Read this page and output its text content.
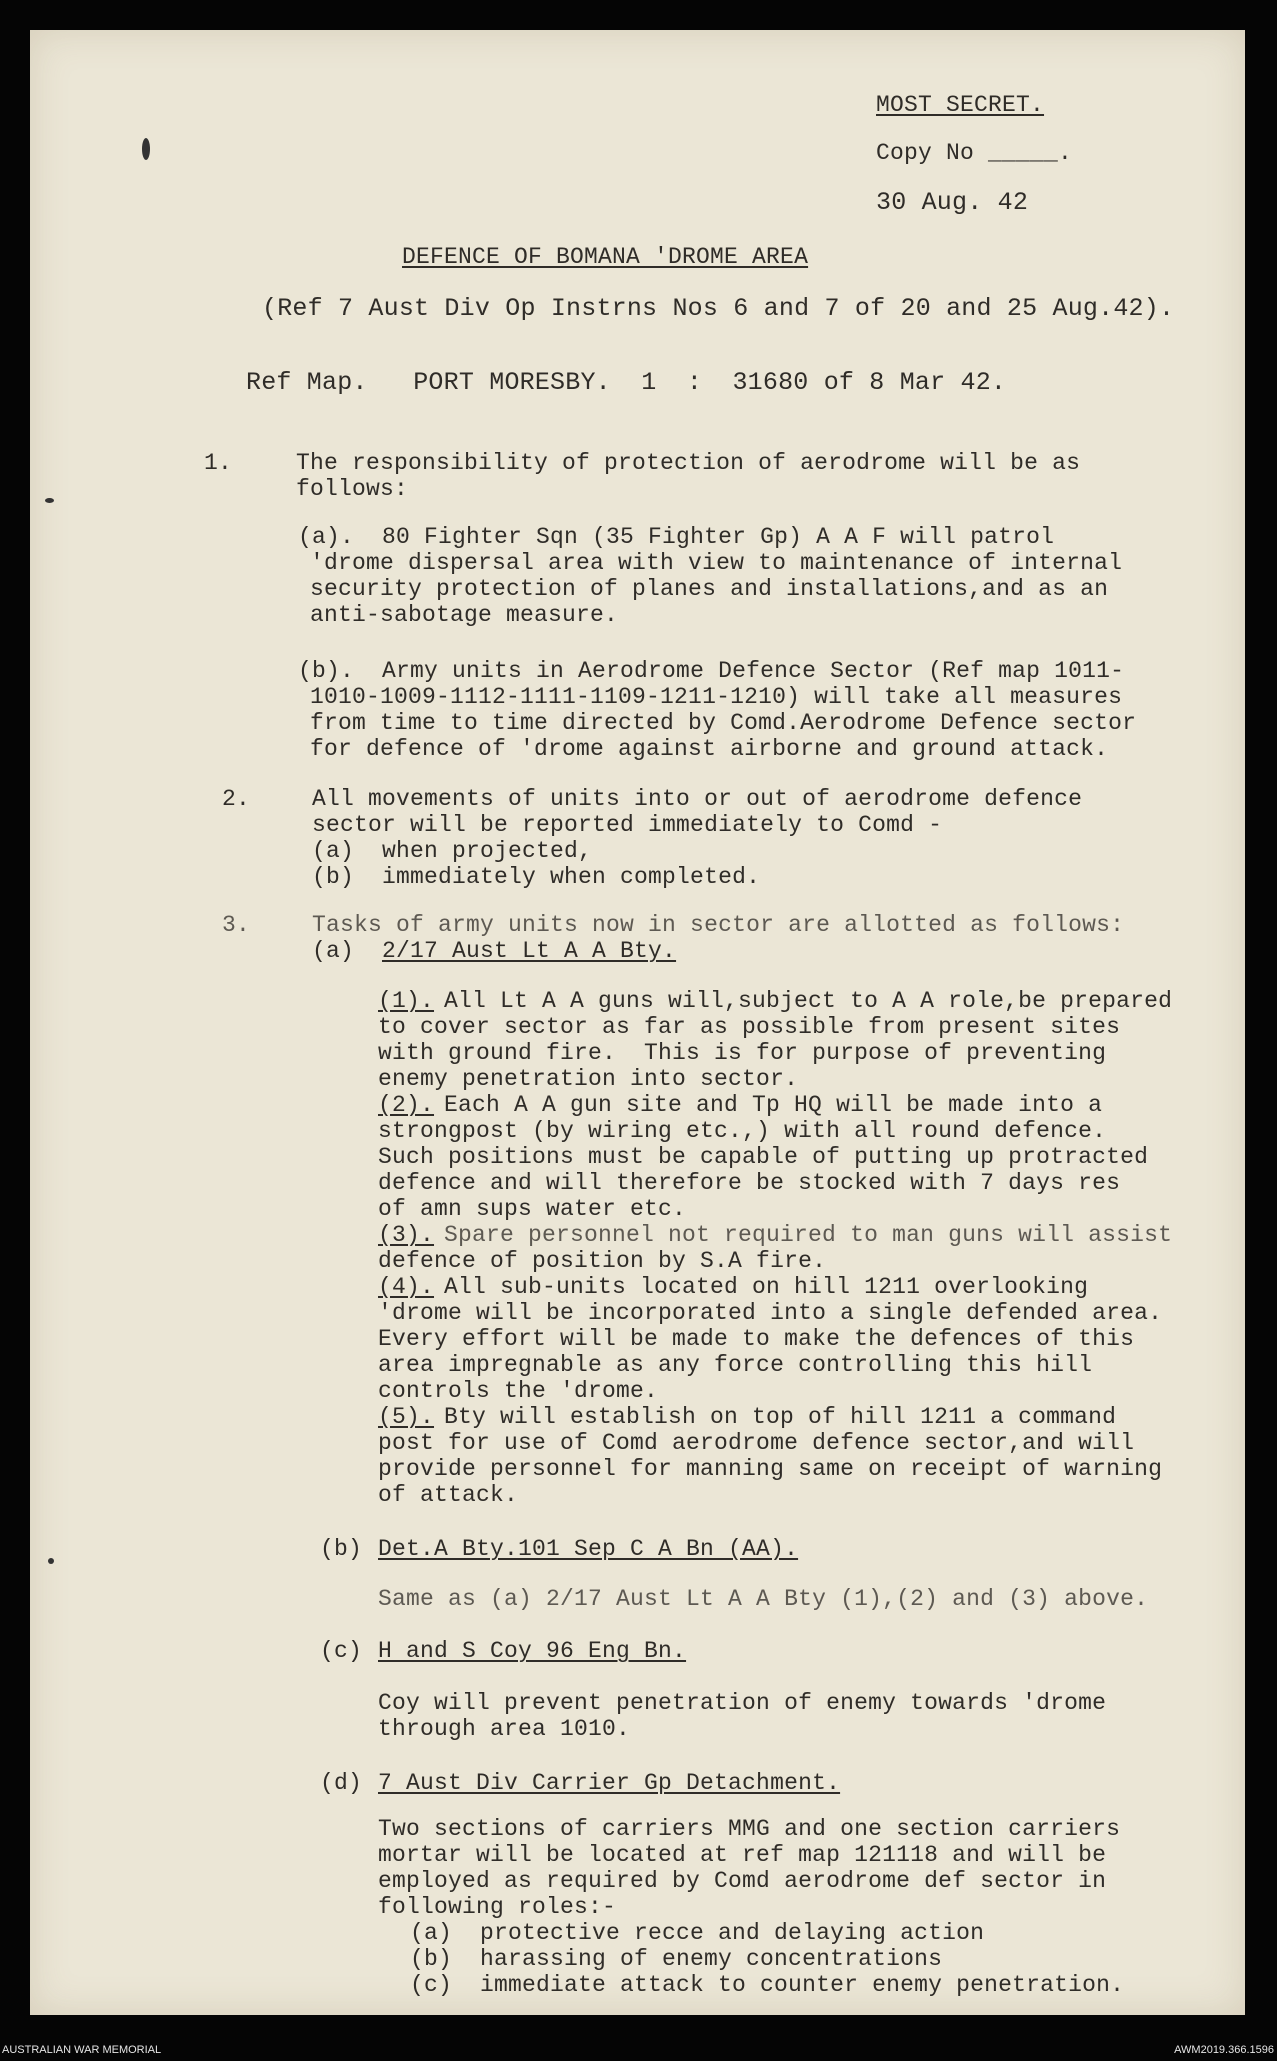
MOST SECRET.
Copy No _____.
30 Aug. 42
DEFENCE OF BOMANA 'DROME AREA
(Ref 7 Aust Div Op Instrns Nos 6 and 7 of 20 and 25 Aug.42).
Ref Map.   PORT MORESBY.  1  :  31680 of 8 Mar 42.
1.	The responsibility of protection of aerodrome will be as
follows:
(a).  80 Fighter Sqn (35 Fighter Gp) A A F will patrol
'drome dispersal area with view to maintenance of internal
security protection of planes and installations,and as an
anti-sabotage measure.
(b).  Army units in Aerodrome Defence Sector (Ref map 1011-
1010-1009-1112-1111-1109-1211-1210) will take all measures
from time to time directed by Comd.Aerodrome Defence sector
for defence of 'drome against airborne and ground attack.
2.	All movements of units into or out of aerodrome defence
sector will be reported immediately to Comd -
(a)  when projected,
(b)  immediately when completed.
3.	Tasks of army units now in sector are allotted as follows:
(a) 2/17 Aust Lt A A Bty.
(1). All Lt A A guns will,subject to A A role,be prepared
to cover sector as far as possible from present sites
with ground fire.  This is for purpose of preventing
enemy penetration into sector.
(2). Each A A gun site and Tp HQ will be made into a
strongpost (by wiring etc.,) with all round defence.
Such positions must be capable of putting up protracted
defence and will therefore be stocked with 7 days res
of amn sups water etc.
(3). Spare personnel not required to man guns will assist
defence of position by S.A fire.
(4). All sub-units located on hill 1211 overlooking
'drome will be incorporated into a single defended area.
Every effort will be made to make the defences of this
area impregnable as any force controlling this hill
controls the 'drome.
(5). Bty will establish on top of hill 1211 a command
post for use of Comd aerodrome defence sector,and will
provide personnel for manning same on receipt of warning
of attack.
(b) Det.A Bty.101 Sep C A Bn (AA).
Same as (a) 2/17 Aust Lt A A Bty (1),(2) and (3) above.
(c) H and S Coy 96 Eng Bn.
Coy will prevent penetration of enemy towards 'drome
through area 1010.
(d) 7 Aust Div Carrier Gp Detachment.
Two sections of carriers MMG and one section carriers
mortar will be located at ref map 121118 and will be
employed as required by Comd aerodrome def sector in
following roles:-
(a)  protective recce and delaying action
(b)  harassing of enemy concentrations
(c)  immediate attack to counter enemy penetration.
AUSTRALIAN WAR MEMORIAL	AWM2019.366.1596
